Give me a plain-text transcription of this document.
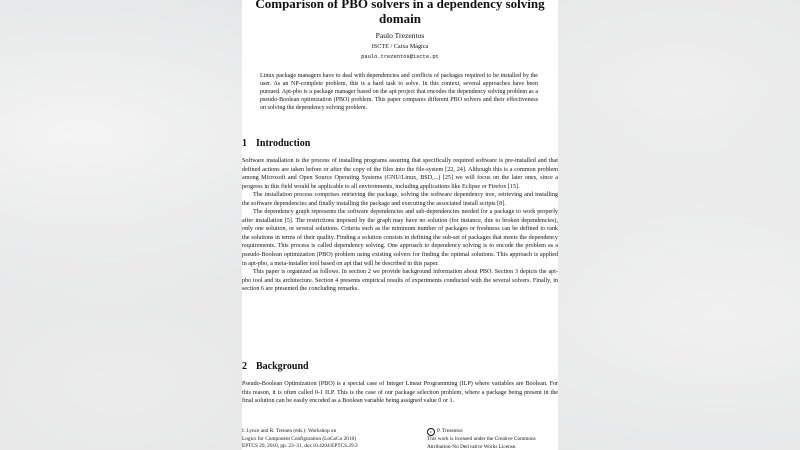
Comparison of PBO solvers in a dependency solving domain
Paulo Trezentos
ISCTE / Caixa Mágica
paulo.trezentos@iscte.pt

Linux package managers have to deal with dependencies and conflicts of packages required to be installed by the user. As an NP-complete problem, this is a hard task to solve. In this context, several approaches have been pursued. Apt-pbo is a package manager based on the apt project that encodes the dependency solving problem as a pseudo-Boolean optimization (PBO) problem. This paper compares different PBO solvers and their effectiveness on solving the dependency solving problem.

1 Introduction

Software installation is the process of installing programs assuring that specifically required software is pre-installed and that defined actions are taken before or after the copy of the files into the file-system [22, 24]. Although this is a common problem among Microsoft and Open Source Operating Systems (GNU/Linux, BSD,...) [25] we will focus on the later ones, since a progress in this field would be applicable to all environments, including applications like Eclipse or Firefox [15].

The installation process comprises retrieving the package, solving the software dependency tree, retrieving and installing the software dependencies and finally installing the package and executing the associated install scripts [8].

The dependency graph represents the software dependencies and sub-dependencies needed for a package to work properly after installation [5]. The restrictions imposed by the graph may have no solution (for instance, due to broken dependencies), only one solution, or several solutions. Criteria such as the minimum number of packages or freshness can be defined to rank the solutions in terms of their quality. Finding a solution consists in defining the sub-set of packages that meets the dependency requirements. This process is called dependency solving. One approach to dependency solving is to encode the problem as a pseudo-Boolean optimization (PBO) problem using existing solvers for finding the optimal solutions. This approach is applied in apt-pbo, a meta-installer tool based on apt that will be described in this paper.

This paper is organized as follows. In section 2 we provide background information about PBO. Section 3 depicts the apt-pbo tool and its architecture. Section 4 presents empirical results of experiments conducted with the several solvers. Finally, in section 6 are presented the concluding remarks.

2 Background

Pseudo-Boolean Optimization (PBO) is a special case of Integer Linear Programming (ILP) where variables are Boolean. For this reason, it is often called 0-1 ILP. This is the case of our package selection problem, where a package being present in the final solution can be easily encoded as a Boolean variable being assigned value 0 or 1.

I. Lynce and R. Treinen (eds.): Workshop on
Logics for Component Configuration (LoCoCo 2010)
EPTCS 29, 2010, pp. 23–31, doi:10.4204/EPTCS.29.3
c P. Trezentos
This work is licensed under the Creative Commons
Attribution-No Derivative Works License.
